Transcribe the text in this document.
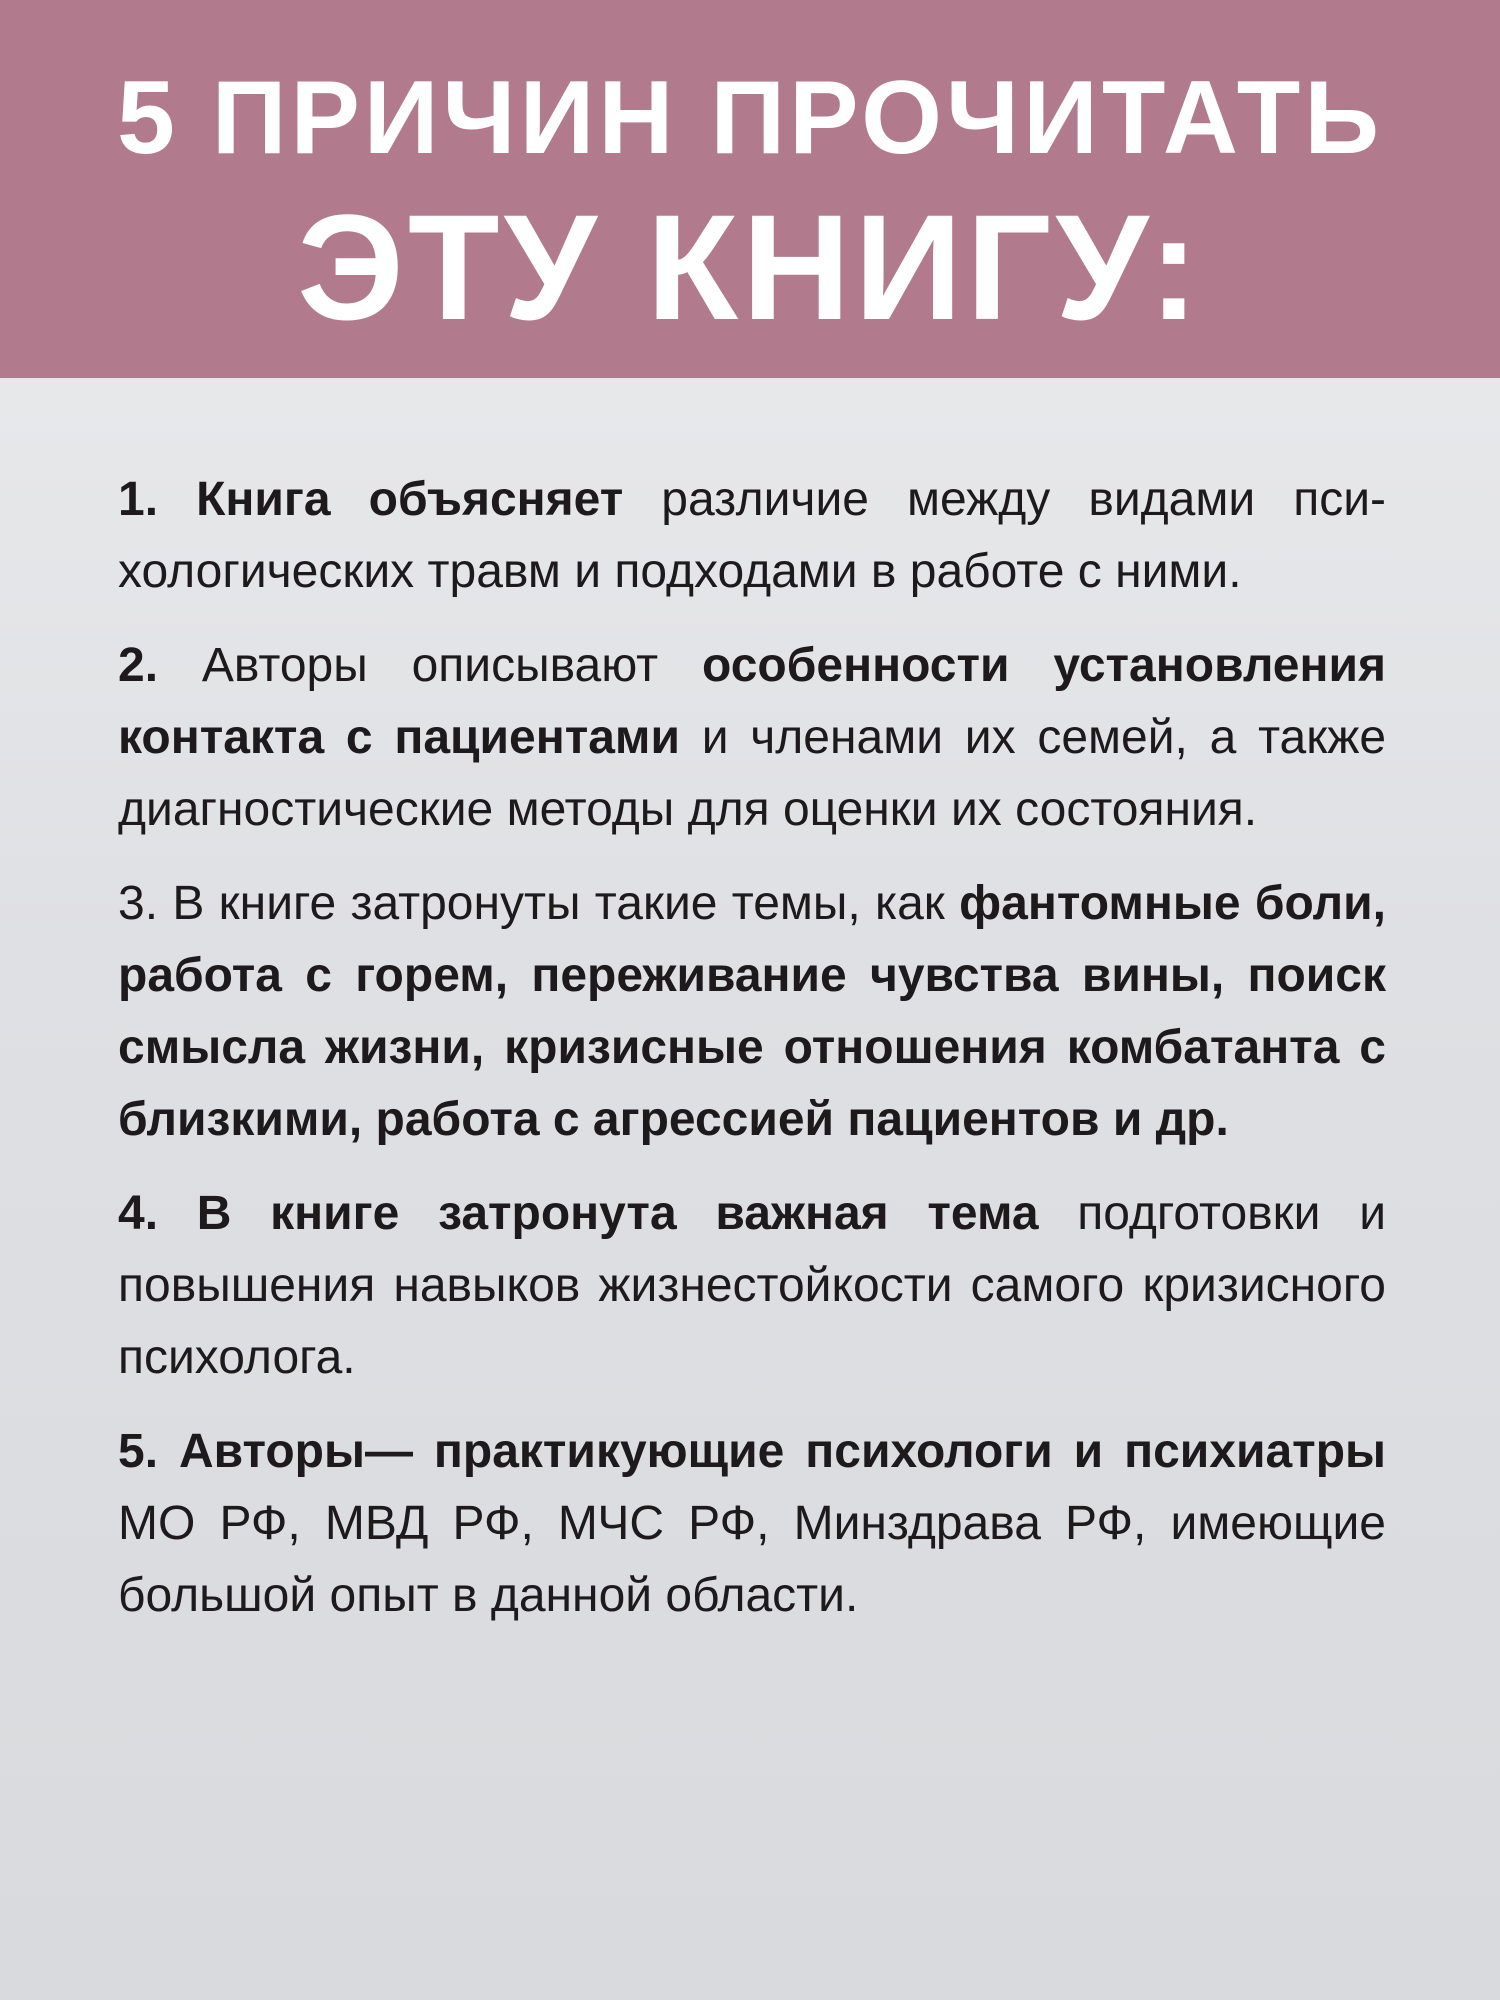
5 ПРИЧИН ПРОЧИТАТЬ
ЭТУ КНИГУ:

1. Книга объясняет различие между видами психологических травм и подходами в работе с ними.

2. Авторы описывают особенности установления контакта с пациентами и членами их семей, а также диагностические методы для оценки их состояния.

3. В книге затронуты такие темы, как фантомные боли, работа с горем, переживание чувства вины, поиск смысла жизни, кризисные отношения комбатанта с близкими, работа с агрессией пациентов и др.

4. В книге затронута важная тема подготовки и повышения навыков жизнестойкости самого кризисного психолога.

5. Авторы— практикующие психологи и психиатры МО РФ, МВД РФ, МЧС РФ, Минздрава РФ, имеющие большой опыт в данной области.
